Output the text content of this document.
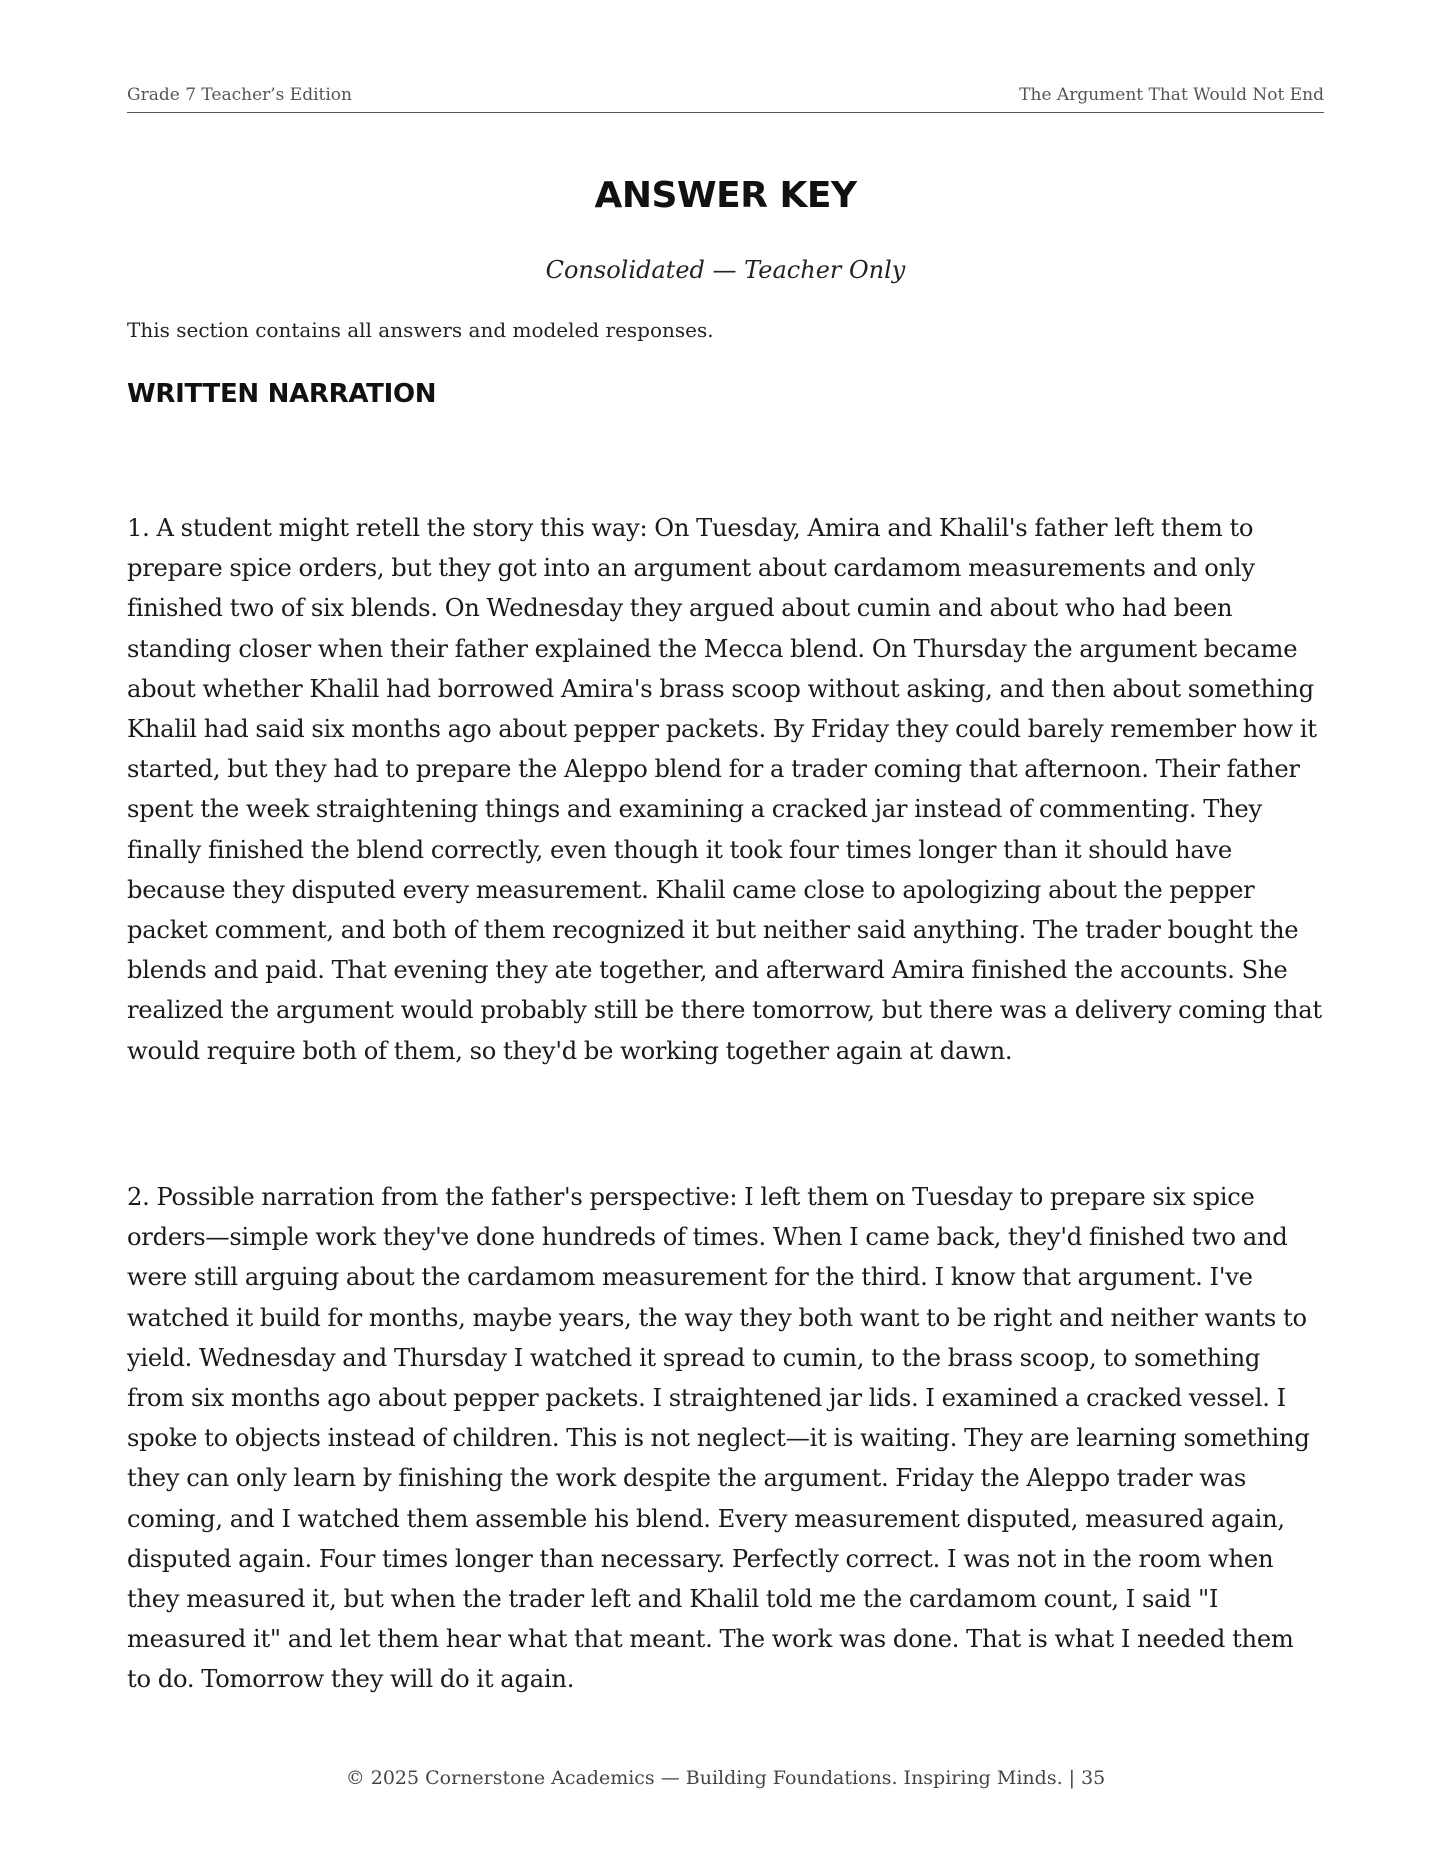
Grade 7 Teacher’s Edition	The Argument That Would Not End
ANSWER KEY
Consolidated — Teacher Only
This section contains all answers and modeled responses.
WRITTEN NARRATION

1. A student might retell the story this way: On Tuesday, Amira and Khalil's father left them to prepare spice orders, but they got into an argument about cardamom measurements and only finished two of six blends. On Wednesday they argued about cumin and about who had been standing closer when their father explained the Mecca blend. On Thursday the argument became about whether Khalil had borrowed Amira's brass scoop without asking, and then about something Khalil had said six months ago about pepper packets. By Friday they could barely remember how it started, but they had to prepare the Aleppo blend for a trader coming that afternoon. Their father spent the week straightening things and examining a cracked jar instead of commenting. They finally finished the blend correctly, even though it took four times longer than it should have because they disputed every measurement. Khalil came close to apologizing about the pepper packet comment, and both of them recognized it but neither said anything. The trader bought the blends and paid. That evening they ate together, and afterward Amira finished the accounts. She realized the argument would probably still be there tomorrow, but there was a delivery coming that would require both of them, so they'd be working together again at dawn.

2. Possible narration from the father's perspective: I left them on Tuesday to prepare six spice orders—simple work they've done hundreds of times. When I came back, they'd finished two and were still arguing about the cardamom measurement for the third. I know that argument. I've watched it build for months, maybe years, the way they both want to be right and neither wants to yield. Wednesday and Thursday I watched it spread to cumin, to the brass scoop, to something from six months ago about pepper packets. I straightened jar lids. I examined a cracked vessel. I spoke to objects instead of children. This is not neglect—it is waiting. They are learning something they can only learn by finishing the work despite the argument. Friday the Aleppo trader was coming, and I watched them assemble his blend. Every measurement disputed, measured again, disputed again. Four times longer than necessary. Perfectly correct. I was not in the room when they measured it, but when the trader left and Khalil told me the cardamom count, I said "I measured it" and let them hear what that meant. The work was done. That is what I needed them to do. Tomorrow they will do it again.

© 2025 Cornerstone Academics — Building Foundations. Inspiring Minds. | 35
